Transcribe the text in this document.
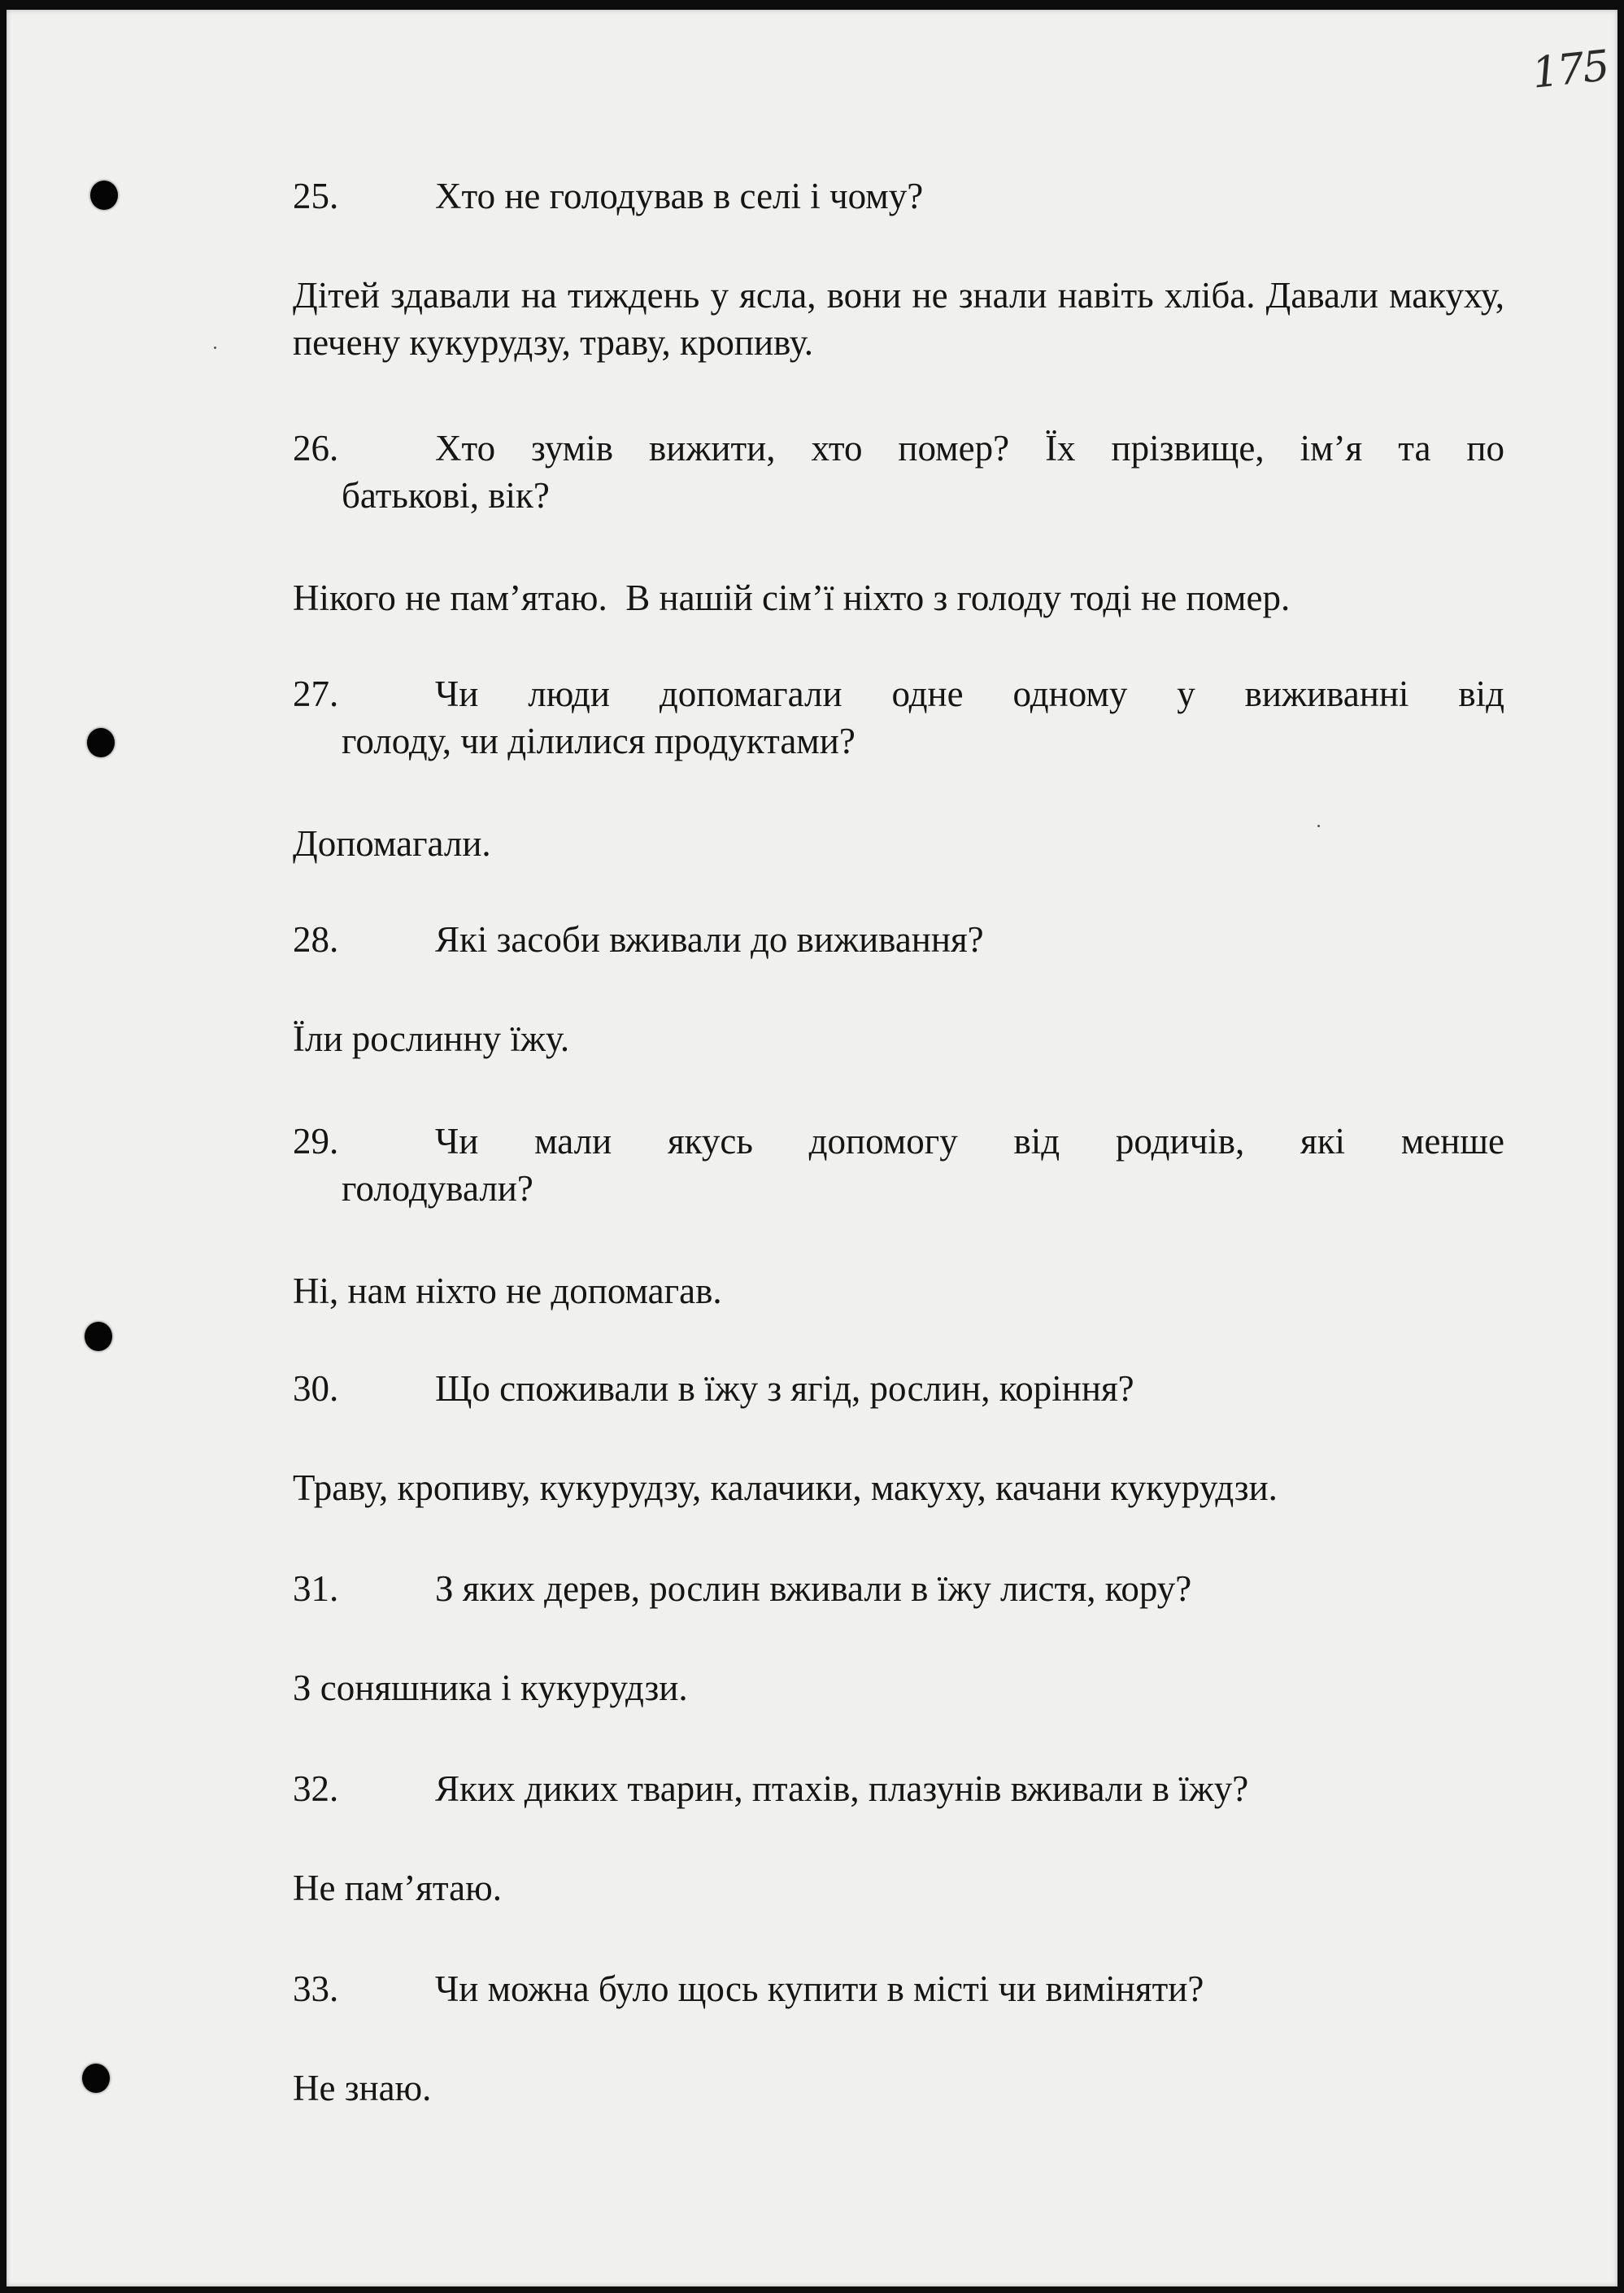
175
25.	Хто не голодував в селі і чому?
Дітей здавали на тиждень у ясла, вони не знали навіть хліба. Давали макуху, печену кукурудзу, траву, кропиву.
26.	Хто зумів вижити, хто помер? Їх прізвище, ім’я та по
батькові, вік?
Нікого не пам’ятаю.  В нашій сім’ї ніхто з голоду тоді не помер.
27.	Чи люди допомагали одне одному у виживанні від
голоду, чи ділилися продуктами?
Допомагали.
28.	Які засоби вживали до виживання?
Їли рослинну їжу.
29.	Чи мали якусь допомогу від родичів, які менше
голодували?
Ні, нам ніхто не допомагав.
30.	Що споживали в їжу з ягід, рослин, коріння?
Траву, кропиву, кукурудзу, калачики, макуху, качани кукурудзи.
31.	З яких дерев, рослин вживали в їжу листя, кору?
З соняшника і кукурудзи.
32.	Яких диких тварин, птахів, плазунів вживали в їжу?
Не пам’ятаю.
33.	Чи можна було щось купити в місті чи виміняти?
Не знаю.
